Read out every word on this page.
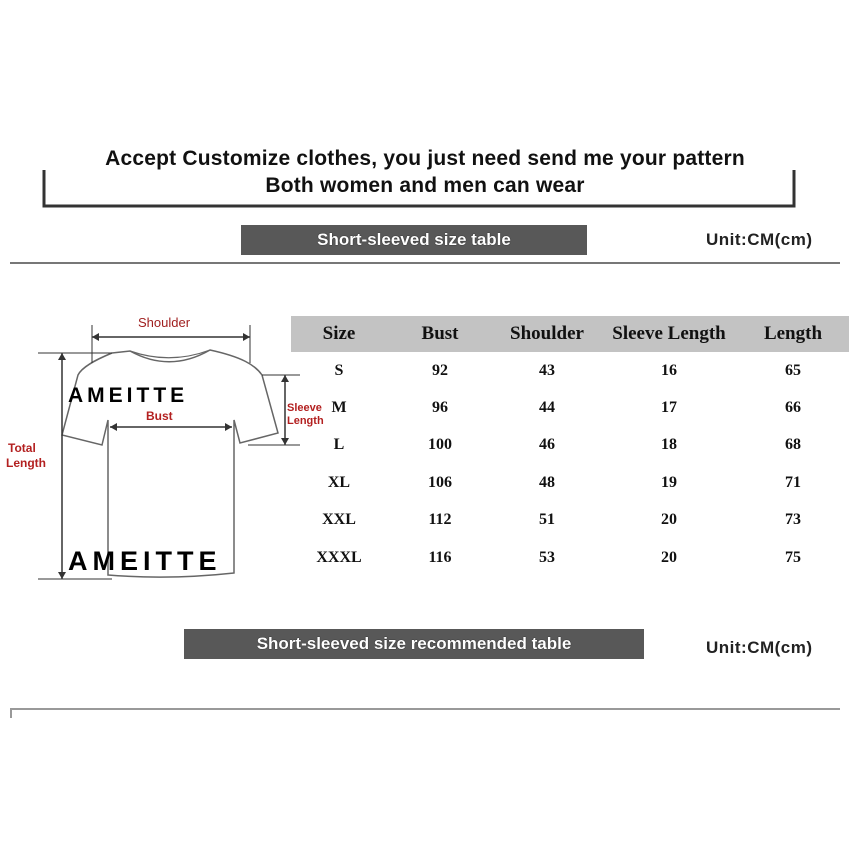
Accept Customize clothes, you just need send me your pattern
Both women and men can wear
Short-sleeved size table	Unit:CM(cm)
Shoulder
Bust
Sleeve
Length
Total
Length
AMEITTE
AMEITTE
Size	Bust	Shoulder	Sleeve Length	Length
S	92	43	16	65
M	96	44	17	66
L	100	46	18	68
XL	106	48	19	71
XXL	112	51	20	73
XXXL	116	53	20	75
Short-sleeved size recommended table	Unit:CM(cm)
